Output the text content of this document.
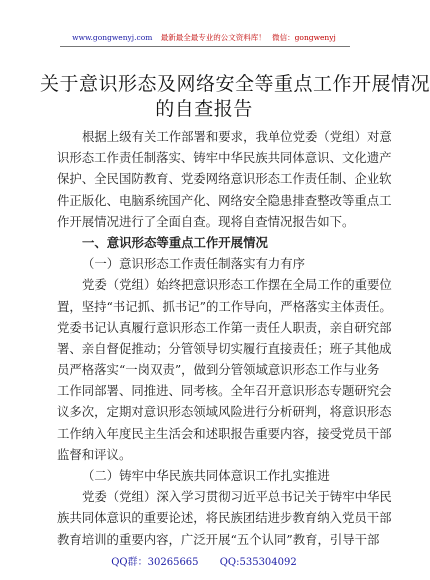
www.gongwenyj.com 最新最全最专业的公文资料库！ 微信：gongwenyj
关于意识形态及网络安全等重点工作开展情况
的自查报告
根据上级有关工作部署和要求，我单位党委（党组）对意
识形态工作责任制落实、铸牢中华民族共同体意识、文化遗产
保护、全民国防教育、党委网络意识形态工作责任制、企业软
件正版化、电脑系统国产化、网络安全隐患排查整改等重点工
作开展情况进行了全面自查。现将自查情况报告如下。
一、意识形态等重点工作开展情况
（一）意识形态工作责任制落实有力有序
党委（党组）始终把意识形态工作摆在全局工作的重要位
置，坚持“书记抓、抓书记”的工作导向，严格落实主体责任。
党委书记认真履行意识形态工作第一责任人职责，亲自研究部
署、亲自督促推动；分管领导切实履行直接责任；班子其他成
员严格落实“一岗双责”，做到分管领域意识形态工作与业务
工作同部署、同推进、同考核。全年召开意识形态专题研究会
议多次，定期对意识形态领域风险进行分析研判，将意识形态
工作纳入年度民主生活会和述职报告重要内容，接受党员干部
监督和评议。
（二）铸牢中华民族共同体意识工作扎实推进
党委（党组）深入学习贯彻习近平总书记关于铸牢中华民
族共同体意识的重要论述，将民族团结进步教育纳入党员干部
教育培训的重要内容，广泛开展“五个认同”教育，引导干部
QQ群：30265665 QQ:535304092
